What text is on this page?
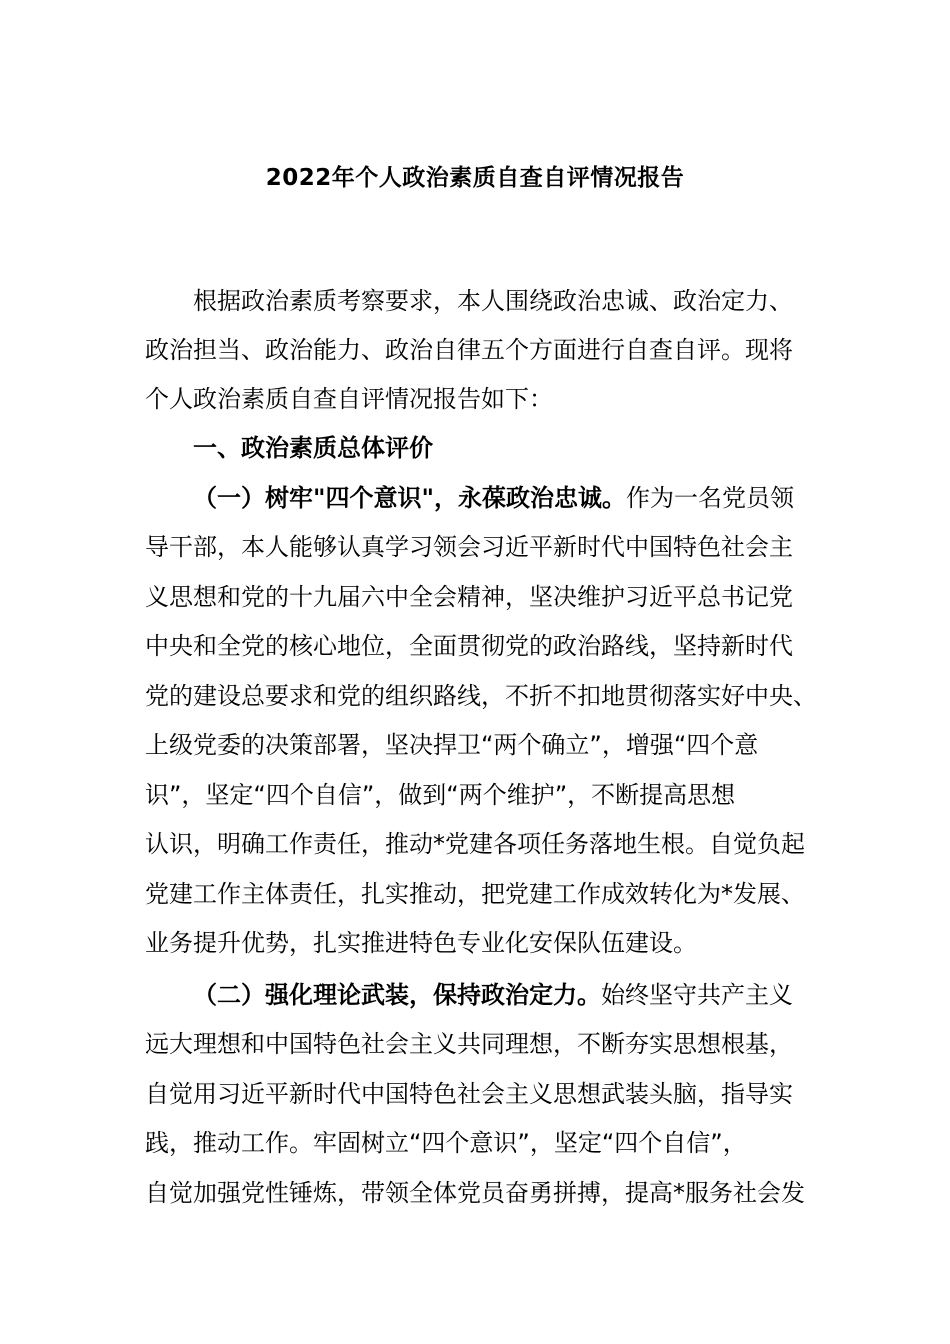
2022年个人政治素质自查自评情况报告
根据政治素质考察要求，本人围绕政治忠诚、政治定力、
政治担当、政治能力、政治自律五个方面进行自查自评。现将
个人政治素质自查自评情况报告如下：
一、政治素质总体评价
（一）树牢"四个意识"，永葆政治忠诚。作为一名党员领
导干部，本人能够认真学习领会习近平新时代中国特色社会主
义思想和党的十九届六中全会精神，坚决维护习近平总书记党
中央和全党的核心地位，全面贯彻党的政治路线，坚持新时代
党的建设总要求和党的组织路线，不折不扣地贯彻落实好中央、
上级党委的决策部署，坚决捍卫“两个确立”，增强“四个意
识”，坚定“四个自信”，做到“两个维护”，不断提高思想
认识，明确工作责任，推动*党建各项任务落地生根。自觉负起
党建工作主体责任，扎实推动，把党建工作成效转化为*发展、
业务提升优势，扎实推进特色专业化安保队伍建设。
（二）强化理论武装，保持政治定力。始终坚守共产主义
远大理想和中国特色社会主义共同理想，不断夯实思想根基，
自觉用习近平新时代中国特色社会主义思想武装头脑，指导实
践，推动工作。牢固树立“四个意识”，坚定“四个自信”，
自觉加强党性锤炼，带领全体党员奋勇拼搏，提高*服务社会发
